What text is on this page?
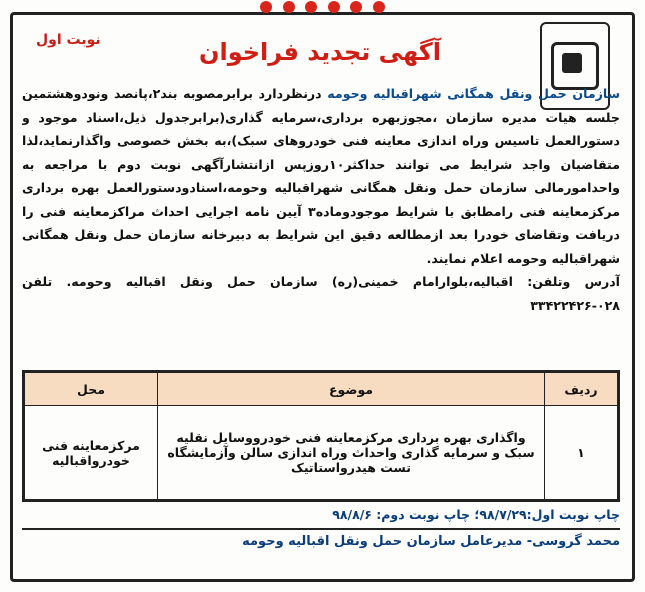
نوبت اول	آگهی تجدید فراخوان
سازمان حمل ونقل همگانی شهراقبالیه وحومه درنظردارد برابرمصوبه بند۲،پانصد ونودوهشتمین جلسه هیات مدیره سازمان ،مجوزبهره برداری،سرمایه گذاری(برابرجدول ذیل،اسناد موجود و دستورالعمل تاسیس وراه اندازی معاینه فنی خودروهای سبک)،به بخش خصوصی واگذارنماید،لذا متقاضیان واجد شرایط می توانند حداکثر۱۰روزپس ازانتشارآگهی نوبت دوم با مراجعه به واحدامورمالی سازمان حمل ونقل همگانی شهراقبالیه وحومه،اسنادودستورالعمل بهره برداری مرکزمعاینه فنی رامطابق با شرایط موجودوماده۳ آیین نامه اجرایی احداث مراکزمعاینه فنی را دریافت وتقاضای خودرا بعد ازمطالعه دقیق این شرایط به دبیرخانه سازمان حمل ونقل همگانی شهراقبالیه وحومه اعلام نمایند.
آدرس وتلفن: اقبالیه،بلواراما‌م خمینی(ره) سازمان حمل ونقل اقبالیه وحومه. تلفن ۰۲۸-۳۳۴۲۲۴۲۶
ردیف	موضوع	محل
۱	واگذاری بهره برداری مرکزمعاینه فنی خودرووسایل نقلیه سبک و سرمایه گذاری واحداث وراه اندازی سالن وآزمایشگاه تست هیدرواستاتیک	مرکزمعاینه فنی خودرواقبالیه
چاپ نوبت اول:۹۸/۷/۲۹؛ چاپ نوبت دوم: ۹۸/۸/۶
محمد گروسی- مدیرعامل سازمان حمل ونقل اقبالیه وحومه
